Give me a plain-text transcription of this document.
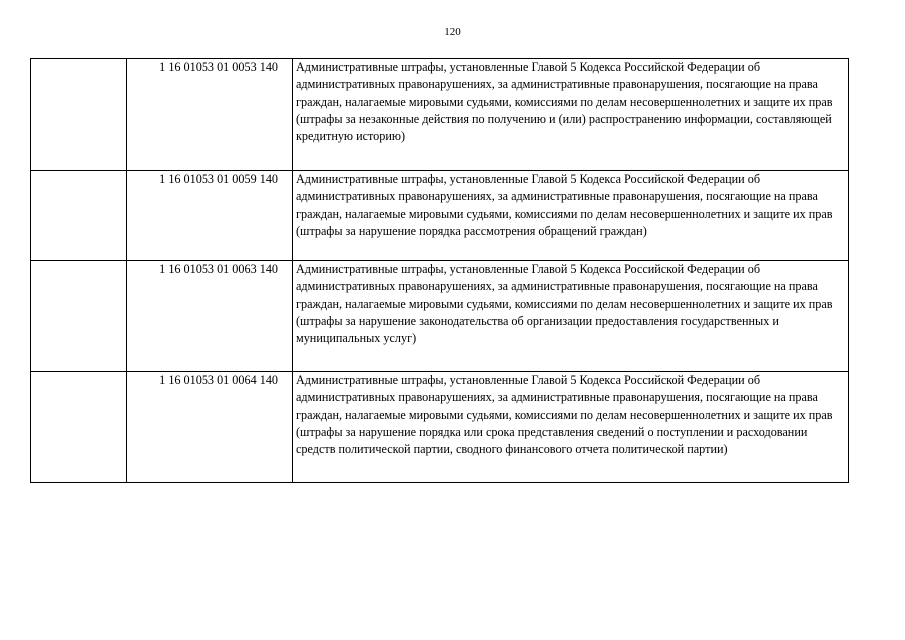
120
	1 16 01053 01 0053 140	Административные штрафы, установленные Главой 5 Кодекса Российской Федерации об административных правонарушениях, за административные правонарушения, посягающие на права граждан, налагаемые мировыми судьями, комиссиями по делам несовершеннолетних и защите их прав (штрафы за незаконные действия по получению и (или) распространению информации, составляющей кредитную историю)
	1 16 01053 01 0059 140	Административные штрафы, установленные Главой 5 Кодекса Российской Федерации об административных правонарушениях, за административные правонарушения, посягающие на права граждан, налагаемые мировыми судьями, комиссиями по делам несовершеннолетних и защите их прав (штрафы за нарушение порядка рассмотрения обращений граждан)
	1 16 01053 01 0063 140	Административные штрафы, установленные Главой 5 Кодекса Российской Федерации об административных правонарушениях, за административные правонарушения, посягающие на права граждан, налагаемые мировыми судьями, комиссиями по делам несовершеннолетних и защите их прав (штрафы за нарушение законодательства об организации предоставления государственных и муниципальных услуг)
	1 16 01053 01 0064 140	Административные штрафы, установленные Главой 5 Кодекса Российской Федерации об административных правонарушениях, за административные правонарушения, посягающие на права граждан, налагаемые мировыми судьями, комиссиями по делам несовершеннолетних и защите их прав (штрафы за нарушение порядка или срока представления сведений о поступлении и расходовании средств политической партии, сводного финансового отчета политической партии)
